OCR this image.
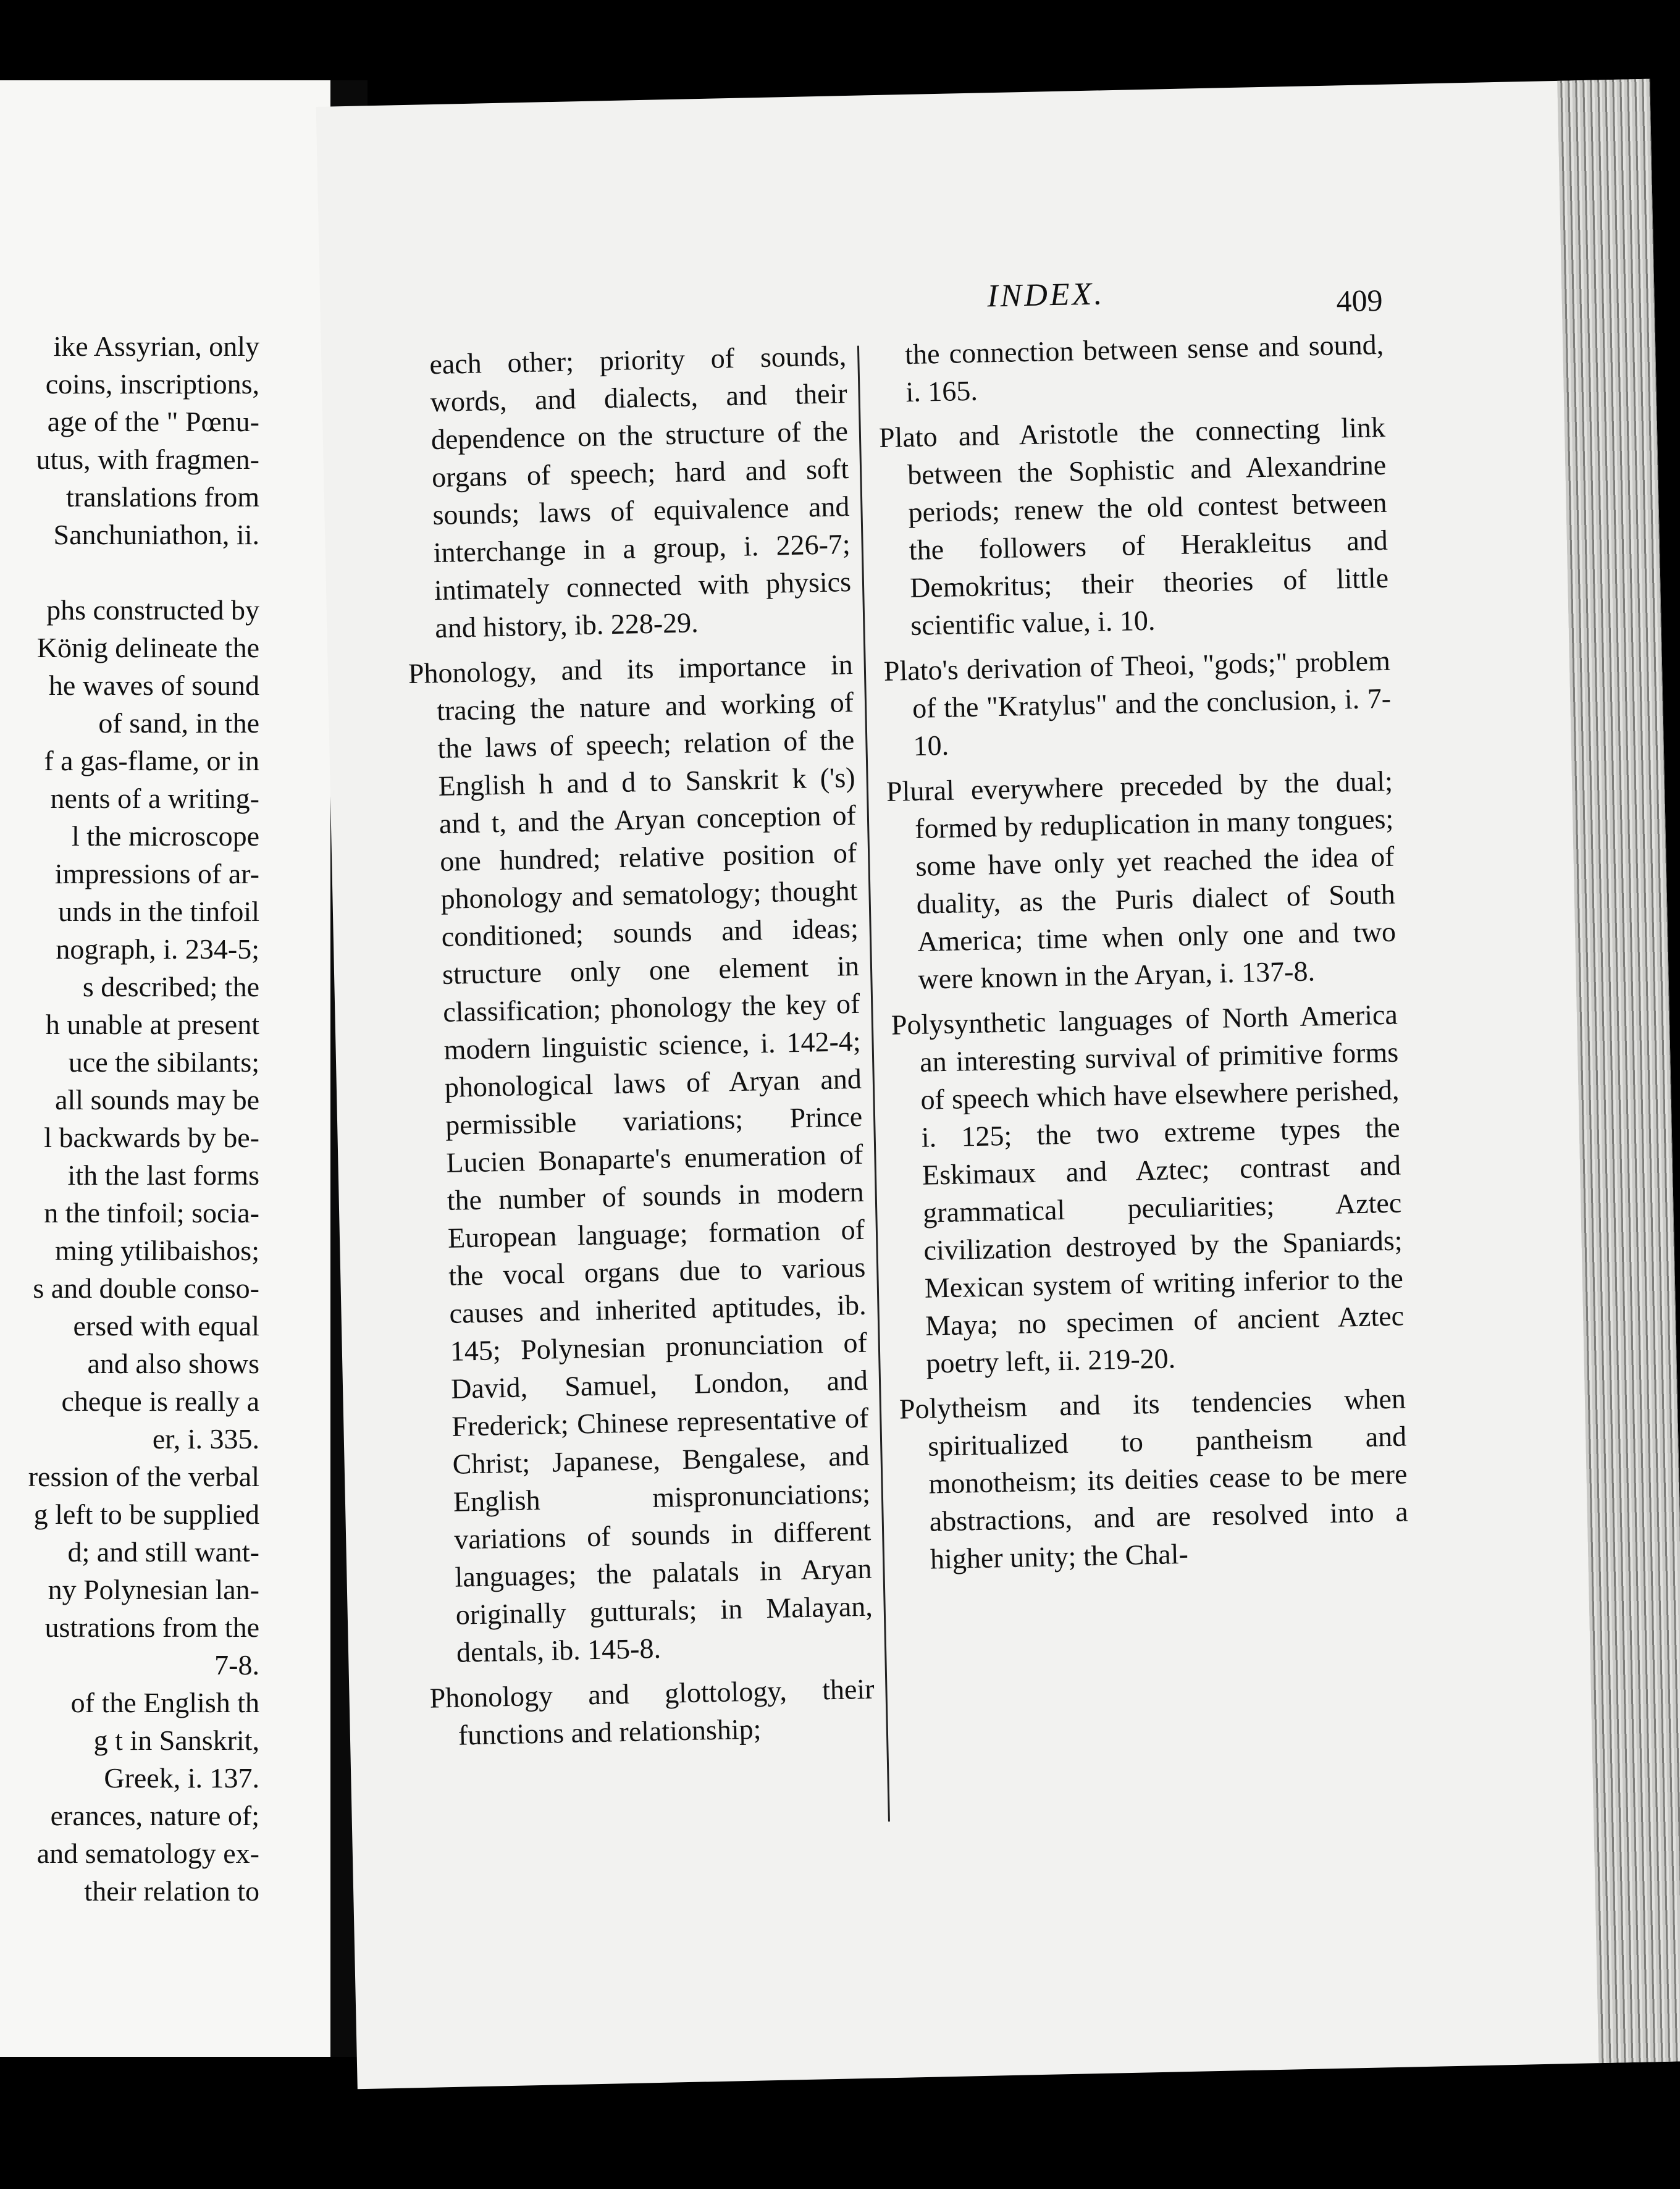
ike Assyrian, only
coins, inscriptions,
age of the " Pœnu-
utus, with fragmen-
translations from
Sanchuniathon, ii.

phs constructed by
König delineate the
he waves of sound
of sand, in the
f a gas-flame, or in
nents of a writing-
l the microscope
impressions of ar-
unds in the tinfoil
nograph, i. 234-5;
s described; the
h unable at present
uce the sibilants;
all sounds may be
l backwards by be-
ith the last forms
n the tinfoil; socia-
ming ytilibaishos;
s and double conso-
ersed with equal
and also shows
cheque is really a
er, i. 335.
ression of the verbal
g left to be supplied
d; and still want-
ny Polynesian lan-
ustrations from the
7-8.
of the English th
g t in Sanskrit,
Greek, i. 137.
erances, nature of;
and sematology ex-
their relation to
INDEX.	409

each other; priority of sounds, words, and dialects, and their dependence on the structure of the organs of speech; hard and soft sounds; laws of equivalence and interchange in a group, i. 226-7; intimately connected with physics and history, ib. 228-29.

Phonology, and its importance in tracing the nature and working of the laws of speech; relation of the English h and d to Sanskrit k ('s) and t, and the Aryan conception of one hundred; relative position of phonology and sematology; thought conditioned; sounds and ideas; structure only one element in classification; phonology the key of modern linguistic science, i. 142-4; phonological laws of Aryan and permissible variations; Prince Lucien Bonaparte's enumeration of the number of sounds in modern European language; formation of the vocal organs due to various causes and inherited aptitudes, ib. 145; Polynesian pronunciation of David, Samuel, London, and Frederick; Chinese representative of Christ; Japanese, Bengalese, and English mispronunciations; variations of sounds in different languages; the palatals in Aryan originally gutturals; in Malayan, dentals, ib. 145-8.

Phonology and glottology, their functions and relationship;

the connection between sense and sound, i. 165.

Plato and Aristotle the connecting link between the Sophistic and Alexandrine periods; renew the old contest between the followers of Herakleitus and Demokritus; their theories of little scientific value, i. 10.

Plato's derivation of Theoi, "gods;" problem of the "Kratylus" and the conclusion, i. 7-10.

Plural everywhere preceded by the dual; formed by reduplication in many tongues; some have only yet reached the idea of duality, as the Puris dialect of South America; time when only one and two were known in the Aryan, i. 137-8.

Polysynthetic languages of North America an interesting survival of primitive forms of speech which have elsewhere perished, i. 125; the two extreme types the Eskimaux and Aztec; contrast and grammatical peculiarities; Aztec civilization destroyed by the Spaniards; Mexican system of writing inferior to the Maya; no specimen of ancient Aztec poetry left, ii. 219-20.

Polytheism and its tendencies when spiritualized to pantheism and monotheism; its deities cease to be mere abstractions, and are resolved into a higher unity; the Chal-
